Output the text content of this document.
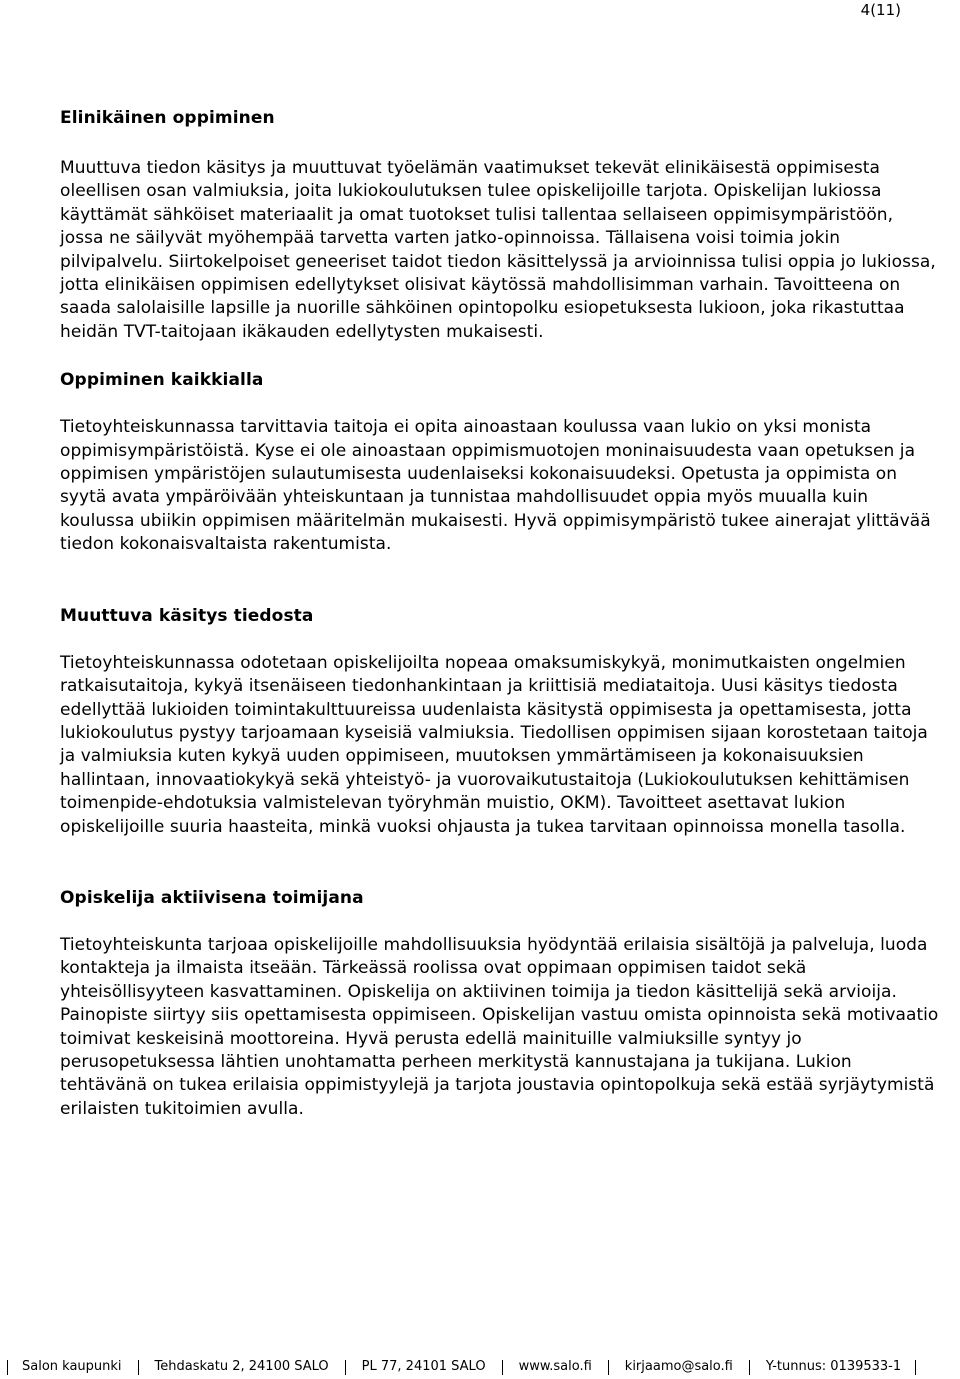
4(11)
Elinikäinen oppiminen

Muuttuva tiedon käsitys ja muuttuvat työelämän vaatimukset tekevät elinikäisestä oppimisesta oleellisen osan valmiuksia, joita lukiokoulutuksen tulee opiskelijoille tarjota. Opiskelijan lukiossa käyttämät sähköiset materiaalit ja omat tuotokset tulisi tallentaa sellaiseen oppimisympäristöön, jossa ne säilyvät myöhempää tarvetta varten jatko-opinnoissa. Tällaisena voisi toimia jokin pilvipalvelu. Siirtokelpoiset geneeriset taidot tiedon käsittelyssä ja arvioinnissa tulisi oppia jo lukiossa, jotta elinikäisen oppimisen edellytykset olisivat käytössä mahdollisimman varhain. Tavoitteena on saada salolaisille lapsille ja nuorille sähköinen opintopolku esiopetuksesta lukioon, joka rikastuttaa heidän TVT-taitojaan ikäkauden edellytysten mukaisesti.

Oppiminen kaikkialla

Tietoyhteiskunnassa tarvittavia taitoja ei opita ainoastaan koulussa vaan lukio on yksi monista oppimisympäristöistä. Kyse ei ole ainoastaan oppimismuotojen moninaisuudesta vaan opetuksen ja oppimisen ympäristöjen sulautumisesta uudenlaiseksi kokonaisuudeksi. Opetusta ja oppimista on syytä avata ympäröivään yhteiskuntaan ja tunnistaa mahdollisuudet oppia myös muualla kuin koulussa ubiikin oppimisen määritelmän mukaisesti. Hyvä oppimisympäristö tukee ainerajat ylittävää tiedon kokonaisvaltaista rakentumista.

Muuttuva käsitys tiedosta

Tietoyhteiskunnassa odotetaan opiskelijoilta nopeaa omaksumiskykyä, monimutkaisten ongelmien ratkaisutaitoja, kykyä itsenäiseen tiedonhankintaan ja kriittisiä mediataitoja. Uusi käsitys tiedosta edellyttää lukioiden toimintakulttuureissa uudenlaista käsitystä oppimisesta ja opettamisesta, jotta lukiokoulutus pystyy tarjoamaan kyseisiä valmiuksia. Tiedollisen oppimisen sijaan korostetaan taitoja ja valmiuksia kuten kykyä uuden oppimiseen, muutoksen ymmärtämiseen ja kokonaisuuksien hallintaan, innovaatiokykyä sekä yhteistyö- ja vuorovaikutustaitoja (Lukiokoulutuksen kehittämisen toimenpide-ehdotuksia valmistelevan työryhmän muistio, OKM). Tavoitteet asettavat lukion opiskelijoille suuria haasteita, minkä vuoksi ohjausta ja tukea tarvitaan opinnoissa monella tasolla.

Opiskelija aktiivisena toimijana

Tietoyhteiskunta tarjoaa opiskelijoille mahdollisuuksia hyödyntää erilaisia sisältöjä ja palveluja, luoda kontakteja ja ilmaista itseään. Tärkeässä roolissa ovat oppimaan oppimisen taidot sekä yhteisöllisyyteen kasvattaminen. Opiskelija on aktiivinen toimija ja tiedon käsittelijä sekä arvioija. Painopiste siirtyy siis opettamisesta oppimiseen. Opiskelijan vastuu omista opinnoista sekä motivaatio toimivat keskeisinä moottoreina. Hyvä perusta edellä mainituille valmiuksille syntyy jo perusopetuksessa lähtien unohtamatta perheen merkitystä kannustajana ja tukijana. Lukion tehtävänä on tukea erilaisia oppimistyylejä ja tarjota joustavia opintopolkuja sekä estää syrjäytymistä erilaisten tukitoimien avulla.

Salon kaupunki	Tehdaskatu 2, 24100 SALO	PL 77, 24101 SALO	www.salo.fi	kirjaamo@salo.fi	Y-tunnus: 0139533-1
